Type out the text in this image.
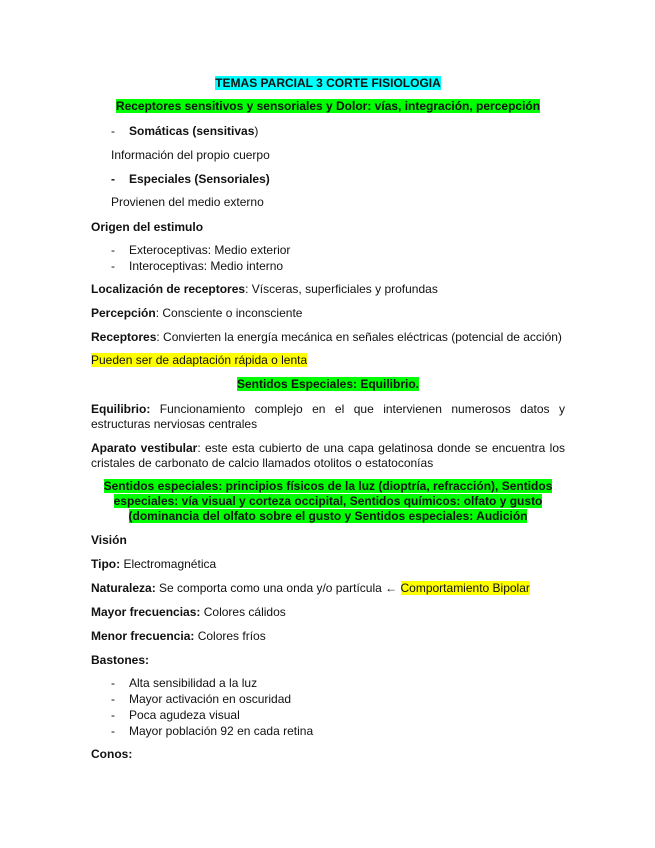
TEMAS PARCIAL 3 CORTE FISIOLOGIA
Receptores sensitivos y sensoriales y Dolor: vías, integración, percepción
- Somáticas (sensitivas)
Información del propio cuerpo
- Especiales (Sensoriales)
Provienen del medio externo
Origen del estimulo
- Exteroceptivas: Medio exterior
- Interoceptivas: Medio interno
Localización de receptores: Vísceras, superficiales y profundas
Percepción: Consciente o inconsciente
Receptores: Convierten la energía mecánica en señales eléctricas (potencial de acción)
Pueden ser de adaptación rápida o lenta
Sentidos Especiales: Equilibrio.
Equilibrio: Funcionamiento complejo en el que intervienen numerosos datos y estructuras nerviosas centrales
Aparato vestibular: este esta cubierto de una capa gelatinosa donde se encuentra los cristales de carbonato de calcio llamados otolitos o estatoconías
Sentidos especiales: principios físicos de la luz (dioptría, refracción), Sentidos
especiales: vía visual y corteza occipital, Sentidos químicos: olfato y gusto
(dominancia del olfato sobre el gusto y Sentidos especiales: Audición
Visión
Tipo: Electromagnética
Naturaleza: Se comporta como una onda y/o partícula ← Comportamiento Bipolar
Mayor frecuencias: Colores cálidos
Menor frecuencia: Colores fríos
Bastones:
- Alta sensibilidad a la luz
- Mayor activación en oscuridad
- Poca agudeza visual
- Mayor población 92 en cada retina
Conos:
